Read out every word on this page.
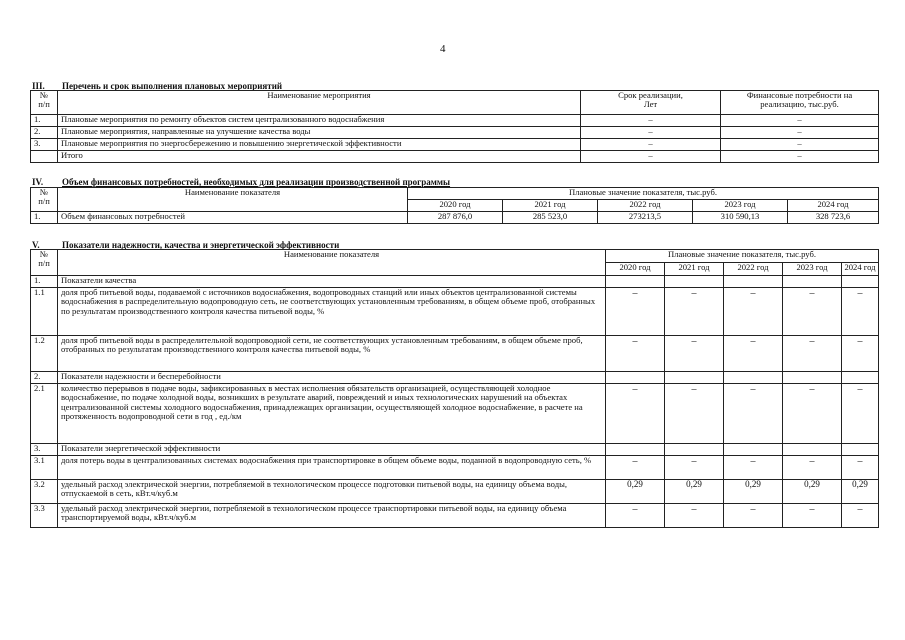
4
III. Перечень и срок выполнения плановых мероприятий
№
п/п	Наименование мероприятия	Срок реализации,
Лет	Финансовые потребности на
реализацию, тыс.руб.
1.	Плановые мероприятия по ремонту объектов систем централизованного водоснабжения	–	–
2.	Плановые мероприятия, направленные на улучшение качества воды	–	–
3.	Плановые мероприятия по энергосбережению и повышению энергетической эффективности	–	–
	Итого	–	–
IV. Объем финансовых потребностей, необходимых для реализации производственной программы
№
п/п	Наименование показателя	Плановые значение показателя, тыс.руб.				
		2020 год	2021 год	2022 год	2023 год	2024 год
1.	Объем финансовых потребностей	287 876,0	285 523,0	273213,5	310 590,13	328 723,6
V. Показатели надежности, качества и энергетической эффективности
№
п/п	Наименование показателя	Плановые значение показателя, тыс.руб.				
		2020 год	2021 год	2022 год	2023 год	2024 год
1.	Показатели качества					
1.1	доля проб питьевой воды, подаваемой с источников водоснабжения, водопроводных станций или иных объектов централизованной системы водоснабжения в распределительную водопроводную сеть, не соответствующих установленным требованиям, в общем объеме проб, отобранных по результатам производственного контроля качества питьевой воды, %	–	–	–	–	–
1.2	доля проб питьевой воды в распределительной водопроводной сети, не соответствующих установленным требованиям, в общем объеме проб, отобранных по результатам производственного контроля качества питьевой воды, %	–	–	–	–	–
2.	Показатели надежности и бесперебойности					
2.1	количество перерывов в подаче воды, зафиксированных в местах исполнения обязательств организацией, осуществляющей холодное водоснабжение, по подаче холодной воды, возникших в результате аварий, повреждений и иных технологических нарушений на объектах централизованной системы холодного водоснабжения, принадлежащих организации, осуществляющей холодное водоснабжение, в расчете на протяженность водопроводной сети в год , ед./км	–	–	–	–	–
3.	Показатели энергетической эффективности					
3.1	доля потерь воды в централизованных системах водоснабжения при транспортировке в общем объеме воды, поданной в водопроводную сеть, %	–	–	–	–	–
3.2	удельный расход электрической энергии, потребляемой в технологическом процессе подготовки питьевой воды, на единицу объема воды, отпускаемой в сеть, кВт.ч/куб.м	0,29	0,29	0,29	0,29	0,29
3.3	удельный расход электрической энергии, потребляемой в технологическом процессе транспортировки питьевой воды, на единицу объема транспортируемой воды, кВт.ч/куб.м	–	–	–	–	–
